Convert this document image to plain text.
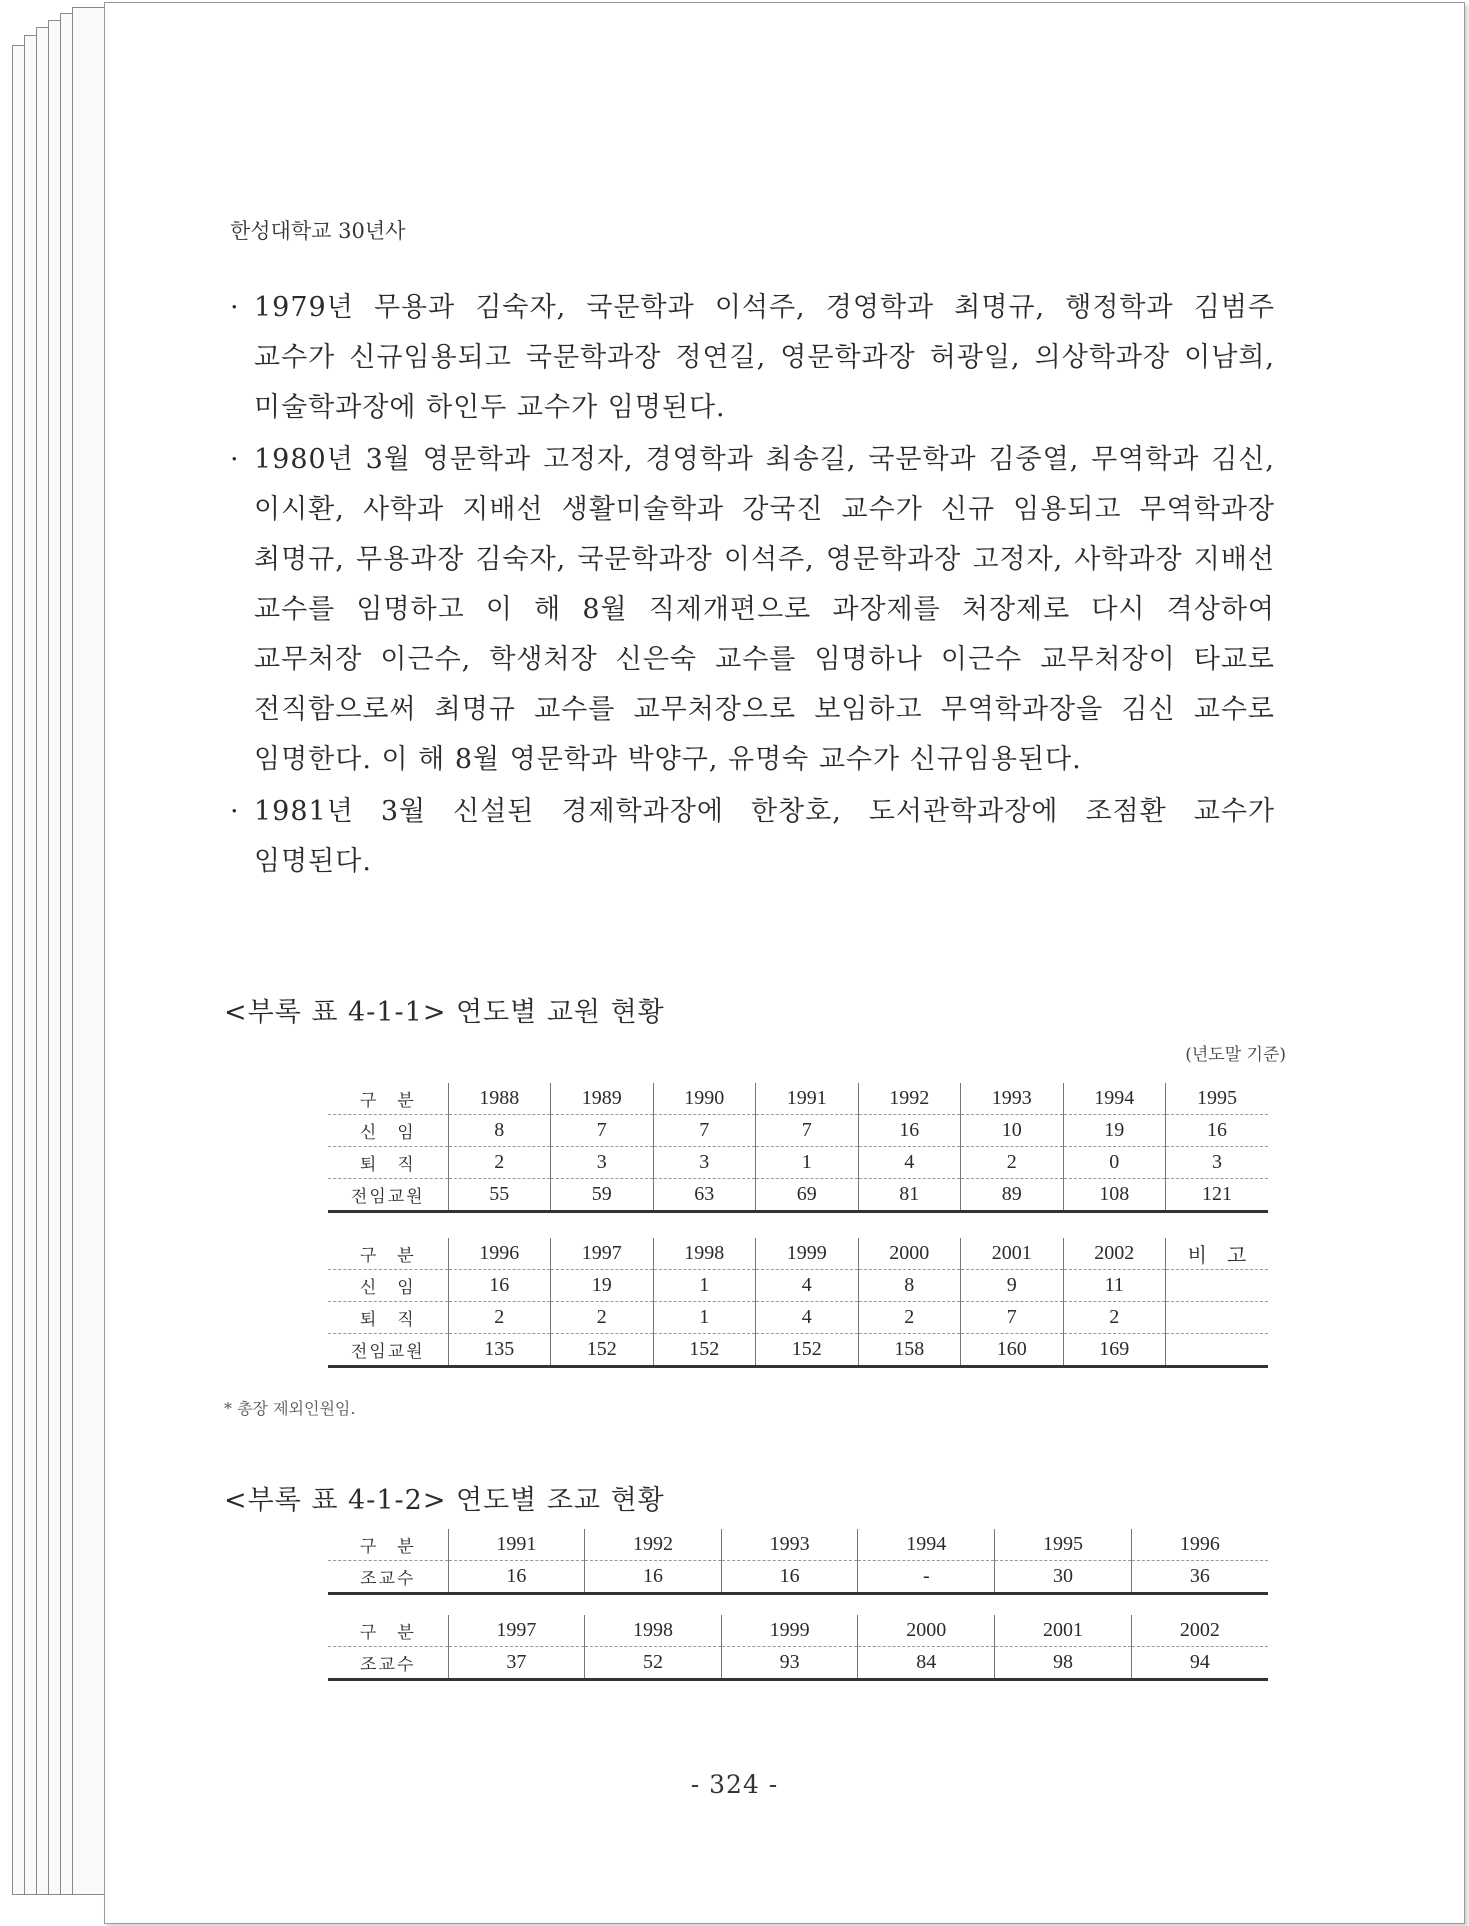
한성대학교 30년사
· 1979년 무용과 김숙자, 국문학과 이석주, 경영학과 최명규, 행정학과 김범주 교수가 신규임용되고 국문학과장 정연길, 영문학과장 허광일, 의상학과장 이남희, 미술학과장에 하인두 교수가 임명된다.
· 1980년 3월 영문학과 고정자, 경영학과 최송길, 국문학과 김중열, 무역학과 김신, 이시환, 사학과 지배선 생활미술학과 강국진 교수가 신규 임용되고 무역학과장 최명규, 무용과장 김숙자, 국문학과장 이석주, 영문학과장 고정자, 사학과장 지배선 교수를 임명하고 이 해 8월 직제개편으로 과장제를 처장제로 다시 격상하여 교무처장 이근수, 학생처장 신은숙 교수를 임명하나 이근수 교무처장이 타교로 전직함으로써 최명규 교수를 교무처장으로 보임하고 무역학과장을 김신 교수로 임명한다. 이 해 8월 영문학과 박양구, 유명숙 교수가 신규임용된다.
· 1981년 3월 신설된 경제학과장에 한창호, 도서관학과장에 조점환 교수가 임명된다.
<부록 표 4-1-1> 연도별 교원 현황
(년도말 기준)
구　분	1988	1989	1990	1991	1992	1993	1994	1995
신　임	8	7	7	7	16	10	19	16
퇴　직	2	3	3	1	4	2	0	3
전임교원	55	59	63	69	81	89	108	121
구　분	1996	1997	1998	1999	2000	2001	2002	비　고
신　임	16	19	1	4	8	9	11	
퇴　직	2	2	1	4	2	7	2	
전임교원	135	152	152	152	158	160	169	
* 총장 제외인원임.
<부록 표 4-1-2> 연도별 조교 현황
구　분	1991	1992	1993	1994	1995	1996
조교수	16	16	16	-	30	36
구　분	1997	1998	1999	2000	2001	2002
조교수	37	52	93	84	98	94
- 324 -
